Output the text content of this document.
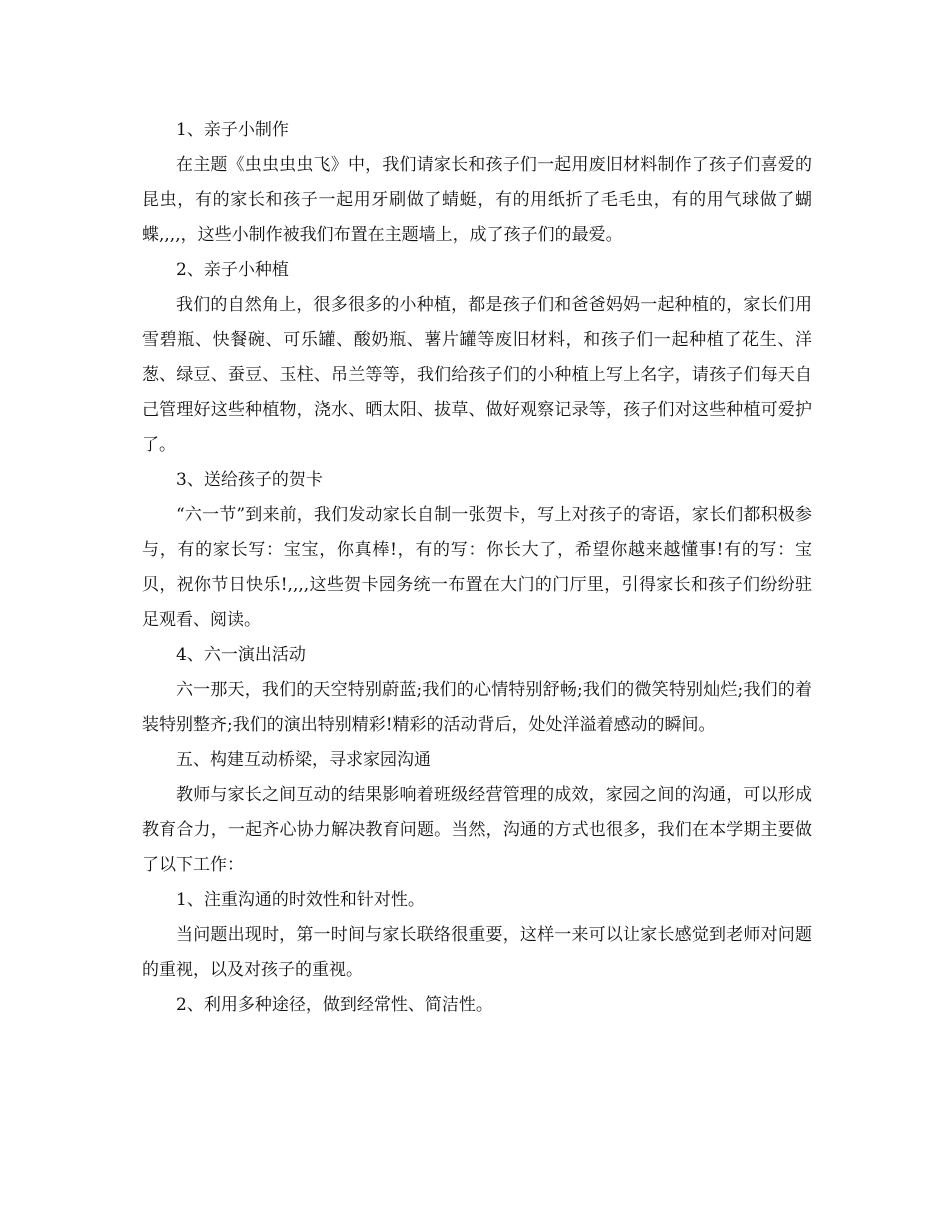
1、亲子小制作

在主题《虫虫虫虫飞》中，我们请家长和孩子们一起用废旧材料制作了孩子们喜爱的昆虫，有的家长和孩子一起用牙刷做了蜻蜓，有的用纸折了毛毛虫，有的用气球做了蝴蝶,,,,，这些小制作被我们布置在主题墙上，成了孩子们的最爱。

2、亲子小种植

我们的自然角上，很多很多的小种植，都是孩子们和爸爸妈妈一起种植的，家长们用雪碧瓶、快餐碗、可乐罐、酸奶瓶、薯片罐等废旧材料，和孩子们一起种植了花生、洋葱、绿豆、蚕豆、玉柱、吊兰等等，我们给孩子们的小种植上写上名字，请孩子们每天自己管理好这些种植物，浇水、晒太阳、拔草、做好观察记录等，孩子们对这些种植可爱护了。

3、送给孩子的贺卡

“六一节”到来前，我们发动家长自制一张贺卡，写上对孩子的寄语，家长们都积极参与，有的家长写：宝宝，你真棒!，有的写：你长大了，希望你越来越懂事!有的写：宝贝，祝你节日快乐!,,,,这些贺卡园务统一布置在大门的门厅里，引得家长和孩子们纷纷驻足观看、阅读。

4、六一演出活动

六一那天，我们的天空特别蔚蓝;我们的心情特别舒畅;我们的微笑特别灿烂;我们的着装特别整齐;我们的演出特别精彩!精彩的活动背后，处处洋溢着感动的瞬间。

五、构建互动桥梁，寻求家园沟通

教师与家长之间互动的结果影响着班级经营管理的成效，家园之间的沟通，可以形成教育合力，一起齐心协力解决教育问题。当然，沟通的方式也很多，我们在本学期主要做了以下工作：

1、注重沟通的时效性和针对性。

当问题出现时，第一时间与家长联络很重要，这样一来可以让家长感觉到老师对问题的重视，以及对孩子的重视。

2、利用多种途径，做到经常性、简洁性。
